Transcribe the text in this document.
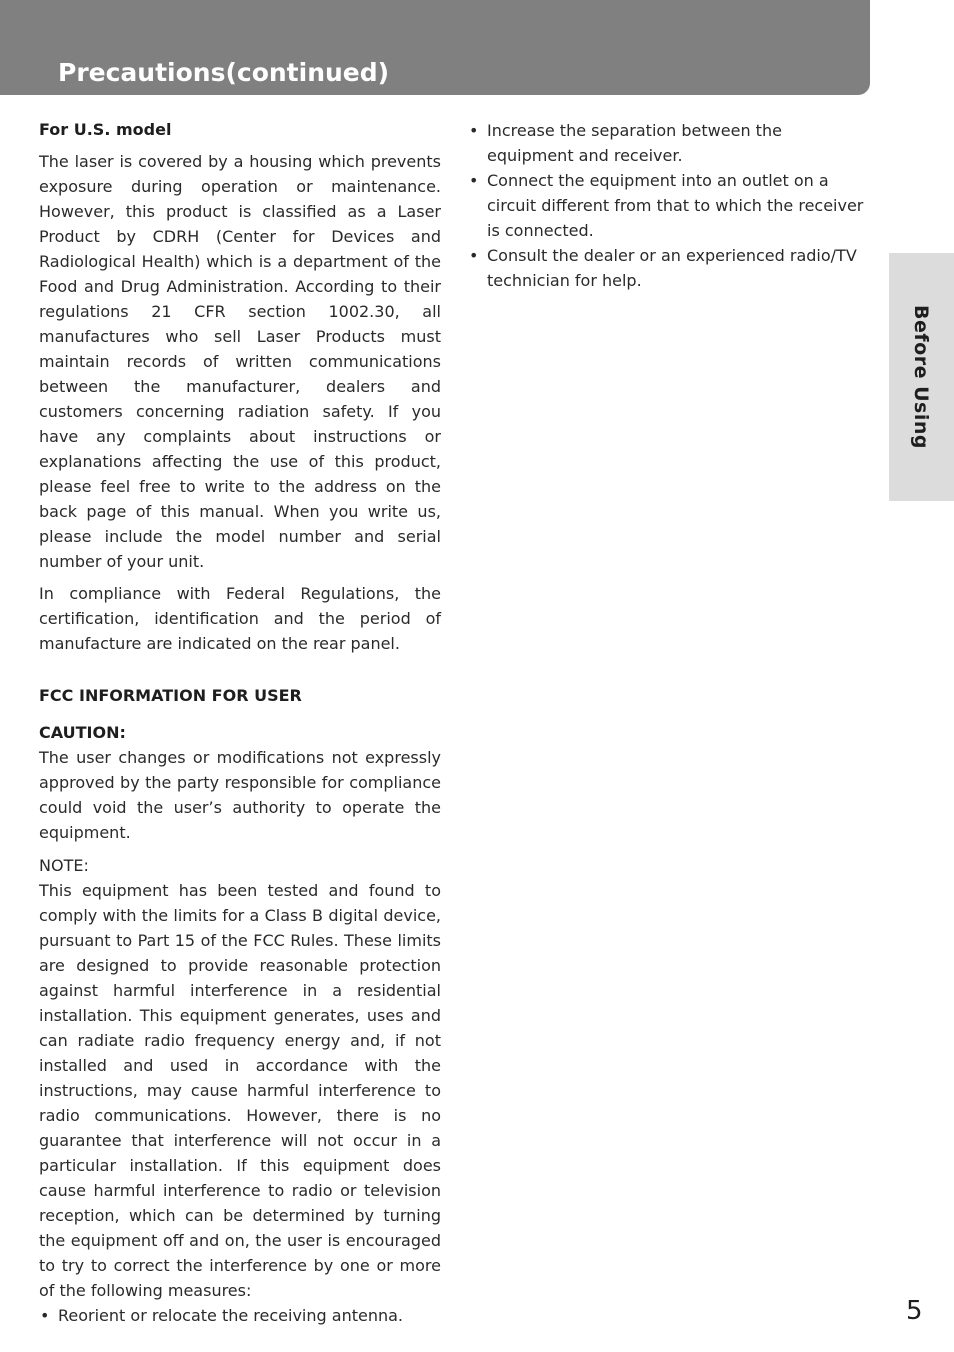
Precautions(continued)
Before Using
For U.S. model

The laser is covered by a housing which prevents exposure during operation or maintenance. However, this product is classified as a Laser Product by CDRH (Center for Devices and Radiological Health) which is a department of the Food and Drug Administration. According to their regulations 21 CFR section 1002.30, all manufactures who sell Laser Products must maintain records of written communications between the manufacturer, dealers and customers concerning radiation safety. If you have any complaints about instructions or explanations affecting the use of this product, please feel free to write to the address on the back page of this manual. When you write us, please include the model number and serial number of your unit.

In compliance with Federal Regulations, the certification, identification and the period of manufacture are indicated on the rear panel.

FCC INFORMATION FOR USER
CAUTION:

The user changes or modifications not expressly approved by the party responsible for compliance could void the user’s authority to operate the equipment.

NOTE:

This equipment has been tested and found to comply with the limits for a Class B digital device, pursuant to Part 15 of the FCC Rules. These limits are designed to provide reasonable protection against harmful interference in a residential installation. This equipment generates, uses and can radiate radio frequency energy and, if not installed and used in accordance with the instructions, may cause harmful interference to radio communications. However, there is no guarantee that interference will not occur in a particular installation. If this equipment does cause harmful interference to radio or television reception, which can be determined by turning the equipment off and on, the user is encouraged to try to correct the interference by one or more of the following measures:

• Reorient or relocate the receiving antenna.
• Increase the separation between the equipment and receiver.
• Connect the equipment into an outlet on a circuit different from that to which the receiver is connected.
• Consult the dealer or an experienced radio/TV technician for help.
5
